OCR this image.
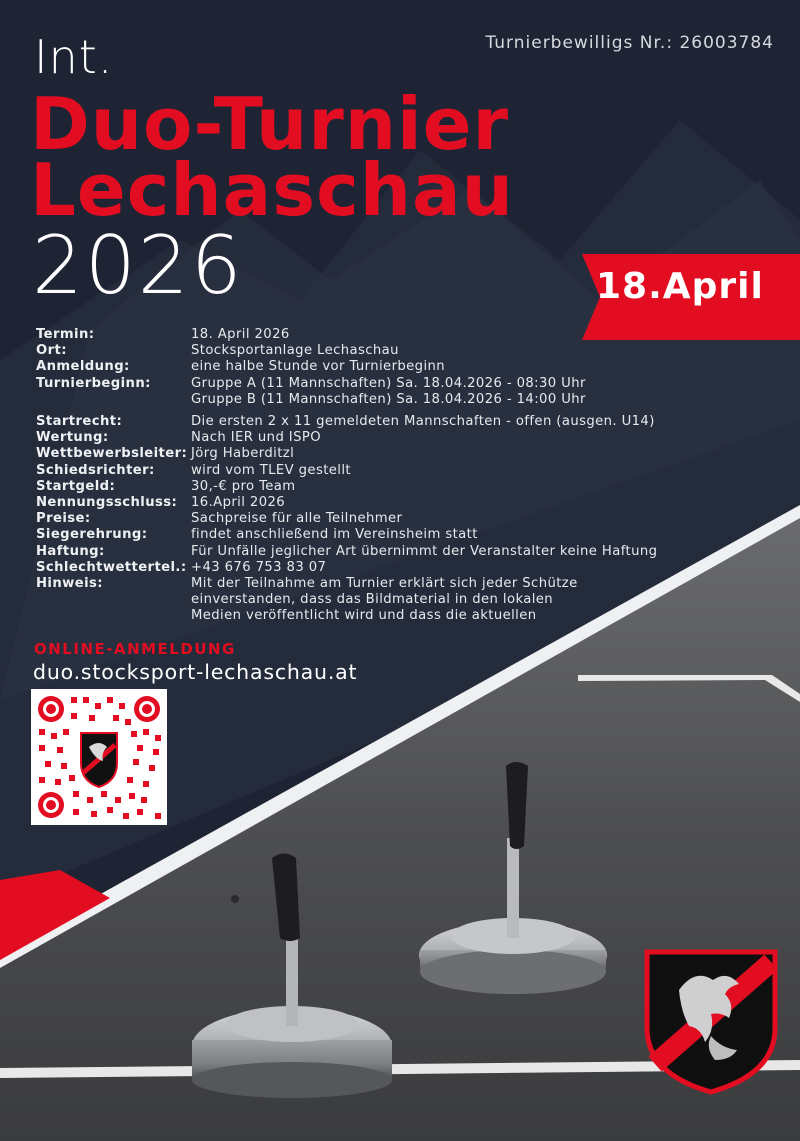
Turnierbewilligs Nr.: 26003784
Int.
Duo-Turnier
Lechaschau
2026	18.April
Termin:	18. April 2026
Ort:	Stocksportanlage Lechaschau
Anmeldung:	eine halbe Stunde vor Turnierbeginn
Turnierbeginn:	Gruppe A (11 Mannschaften) Sa. 18.04.2026 - 08:30 Uhr
Gruppe B (11 Mannschaften) Sa. 18.04.2026 - 14:00 Uhr
Startrecht:	Die ersten 2 x 11 gemeldeten Mannschaften - offen (ausgen. U14)
Wertung:	Nach IER und ISPO
Wettbewerbsleiter: Jörg Haberditzl
Schiedsrichter:	wird vom TLEV gestellt
Startgeld:	30,-€ pro Team
Nennungsschluss:	16.April 2026
Preise:	Sachpreise für alle Teilnehmer
Siegerehrung:	findet anschließend im Vereinsheim statt
Haftung:	Für Unfälle jeglicher Art übernimmt der Veranstalter keine Haftung
Schlechtwettertel.: +43 676 753 83 07
Hinweis:	Mit der Teilnahme am Turnier erklärt sich jeder Schütze
einverstanden, dass das Bildmaterial in den lokalen
Medien veröffentlicht wird und dass die aktuellen
ONLINE-ANMELDUNG
duo.stocksport-lechaschau.at
